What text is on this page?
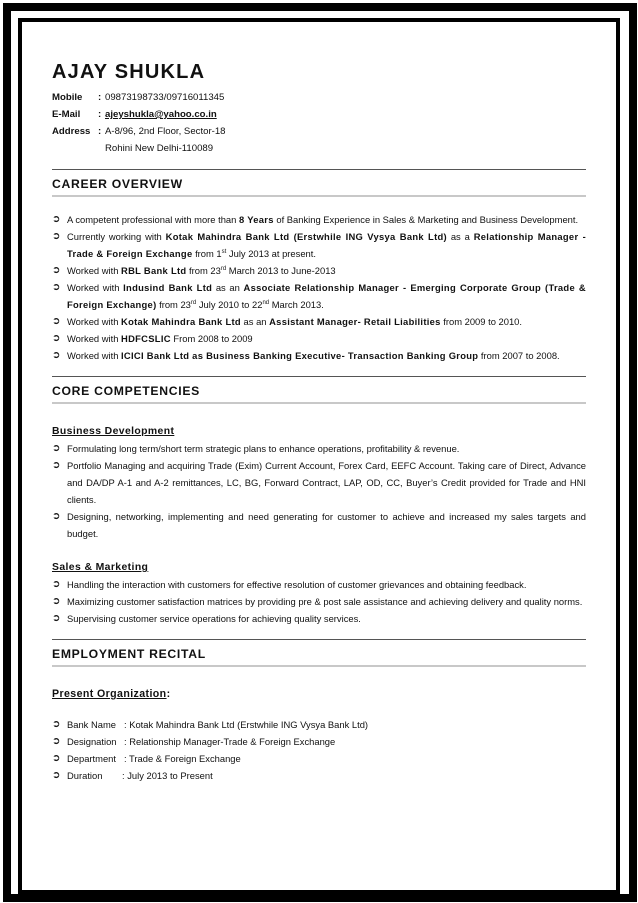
AJAY SHUKLA
Mobile	: 09873198733/09716011345
E-Mail	: ajeyshukla@yahoo.co.in
Address : A-8/96, 2nd Floor, Sector-18
Rohini New Delhi-110089
CAREER OVERVIEW
➲ A competent professional with more than 8 Years of Banking Experience in Sales & Marketing and Business Development.
➲ Currently working with Kotak Mahindra Bank Ltd (Erstwhile ING Vysya Bank Ltd) as a Relationship Manager - Trade & Foreign Exchange from 1st July 2013 at present.
➲ Worked with RBL Bank Ltd from 23rd March 2013 to June-2013
➲ Worked with Indusind Bank Ltd as an Associate Relationship Manager - Emerging Corporate Group (Trade & Foreign Exchange) from 23rd July 2010 to 22nd March 2013.
➲ Worked with Kotak Mahindra Bank Ltd as an Assistant Manager- Retail Liabilities from 2009 to 2010.
➲ Worked with HDFCSLIC From 2008 to 2009
➲ Worked with ICICI Bank Ltd as Business Banking Executive- Transaction Banking Group from 2007 to 2008.
CORE COMPETENCIES
Business Development
➲ Formulating long term/short term strategic plans to enhance operations, profitability & revenue.
➲ Portfolio Managing and acquiring Trade (Exim) Current Account, Forex Card, EEFC Account. Taking care of Direct, Advance and DA/DP A-1 and A-2 remittances, LC, BG, Forward Contract, LAP, OD, CC, Buyer’s Credit provided for Trade and HNI clients.
➲ Designing, networking, implementing and need generating for customer to achieve and increased my sales targets and budget.
Sales & Marketing
➲ Handling the interaction with customers for effective resolution of customer grievances and obtaining feedback.
➲ Maximizing customer satisfaction matrices by providing pre & post sale assistance and achieving delivery and quality norms.
➲ Supervising customer service operations for achieving quality services.
EMPLOYMENT RECITAL
Present Organization:
➲ Bank Name : Kotak Mahindra Bank Ltd (Erstwhile ING Vysya Bank Ltd)
➲ Designation : Relationship Manager-Trade & Foreign Exchange
➲ Department : Trade & Foreign Exchange
➲ Duration	: July 2013 to Present
